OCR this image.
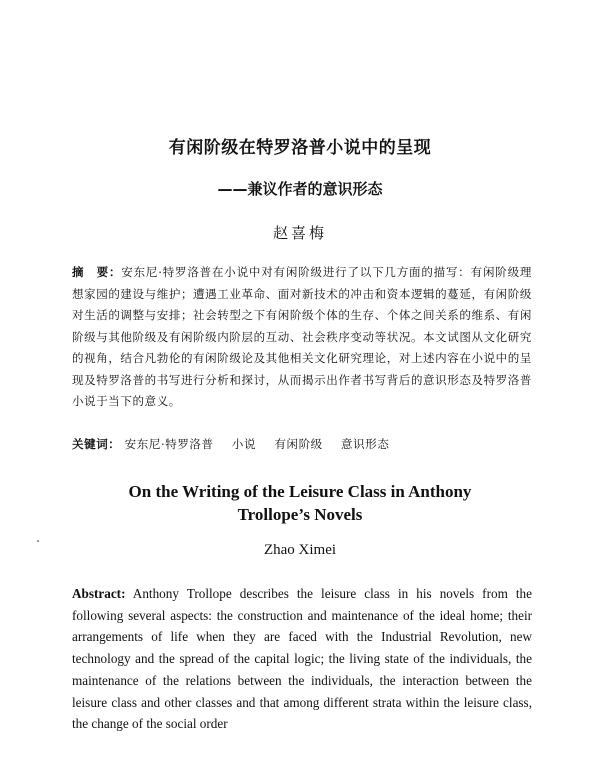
有闲阶级在特罗洛普小说中的呈现
——兼议作者的意识形态
赵喜梅
摘　要：安东尼·特罗洛普在小说中对有闲阶级进行了以下几方面的描写：有闲阶级理想家园的建设与维护；遭遇工业革命、面对新技术的冲击和资本逻辑的蔓延，有闲阶级对生活的调整与安排；社会转型之下有闲阶级个体的生存、个体之间关系的维系、有闲阶级与其他阶级及有闲阶级内阶层的互动、社会秩序变动等状况。本文试图从文化研究的视角，结合凡勃伦的有闲阶级论及其他相关文化研究理论，对上述内容在小说中的呈现及特罗洛普的书写进行分析和探讨，从而揭示出作者书写背后的意识形态及特罗洛普小说于当下的意义。
关键词： 安东尼·特罗洛普 小说 有闲阶级 意识形态
On the Writing of the Leisure Class in Anthony
Trollope’s Novels
Zhao Ximei
Abstract: Anthony Trollope describes the leisure class in his novels from the following several aspects: the construction and maintenance of the ideal home; their arrangements of life when they are faced with the Industrial Revolution, new technology and the spread of the capital logic; the living state of the individuals, the maintenance of the relations between the individuals, the interaction between the leisure class and other classes and that among different strata within the leisure class, the change of the social order
